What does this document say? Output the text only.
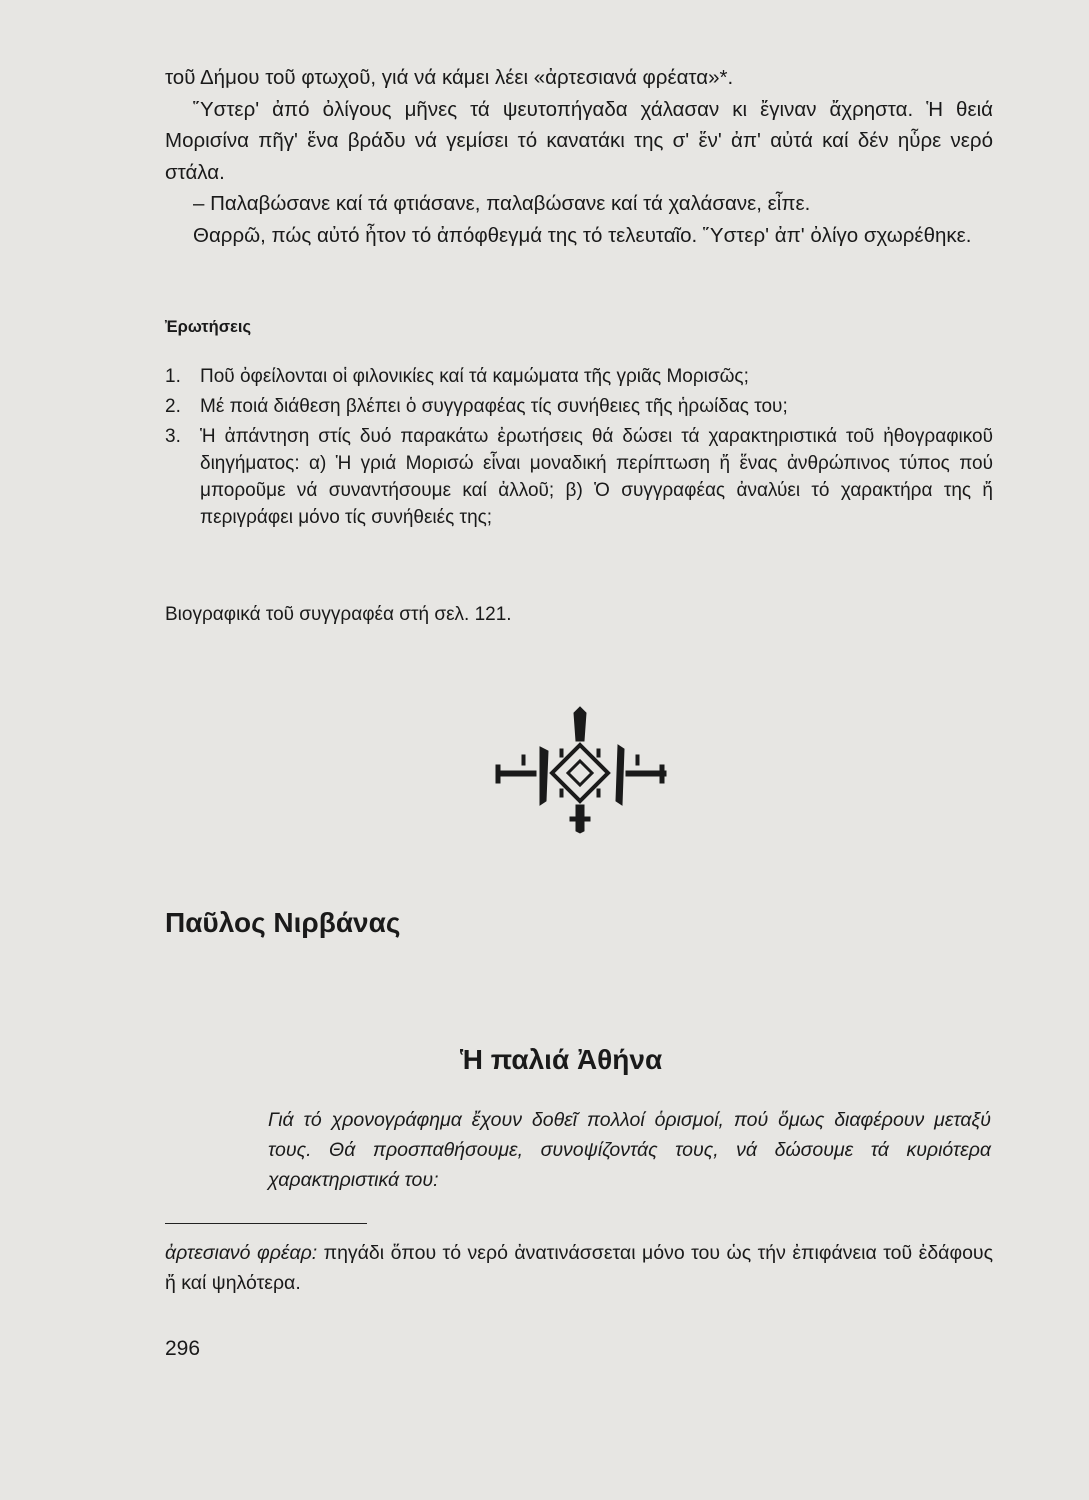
τοῦ Δήμου τοῦ φτωχοῦ, γιά νά κάμει λέει «ἀρτεσιανά φρέατα»*.

Ὕστερ' ἀπό ὀλίγους μῆνες τά ψευτοπήγαδα χάλασαν κι ἔγιναν ἄχρηστα. Ἡ θειά Μορισίνα πῆγ' ἕνα βράδυ νά γεμίσει τό κανατάκι της σ' ἕν' ἀπ' αὐτά καί δέν ηὗρε νερό στάλα.

– Παλαβώσανε καί τά φτιάσανε, παλαβώσανε καί τά χαλάσανε, εἶπε.

Θαρρῶ, πώς αὐτό ἦτον τό ἀπόφθεγμά της τό τελευταῖο. Ὕστερ' ἀπ' ὀλίγο σχωρέθηκε.

Ἐρωτήσεις
1.	Ποῦ ὀφείλονται οἱ φιλονικίες καί τά καμώματα τῆς γριᾶς Μορισῶς;
2.	Μέ ποιά διάθεση βλέπει ὁ συγγραφέας τίς συνήθειες τῆς ἡρωίδας του;
3.	Ἡ ἀπάντηση στίς δυό παρακάτω ἐρωτήσεις θά δώσει τά χαρακτηριστικά τοῦ ἠθογραφικοῦ διηγήματος: α) Ἡ γριά Μορισώ εἶναι μοναδική περίπτωση ἤ ἕνας ἀνθρώπινος τύπος πού μποροῦμε νά συναντήσουμε καί ἀλλοῦ; β) Ὁ συγγραφέας ἀναλύει τό χαρακτήρα της ἤ περιγράφει μόνο τίς συνήθειές της;
Βιογραφικά τοῦ συγγραφέα στή σελ. 121.
Παῦλος Νιρβάνας
Ἡ παλιά Ἀθήνα
Γιά τό χρονογράφημα ἔχουν δοθεῖ πολλοί ὁρισμοί, πού ὅμως διαφέρουν μεταξύ τους. Θά προσπαθήσουμε, συνοψίζοντάς τους, νά δώσουμε τά κυριότερα χαρακτηριστικά του:
ἀρτεσιανό φρέαρ: πηγάδι ὅπου τό νερό ἀνατινάσσεται μόνο του ὡς τήν ἐπιφάνεια τοῦ ἐδάφους ἤ καί ψηλότερα.
296
